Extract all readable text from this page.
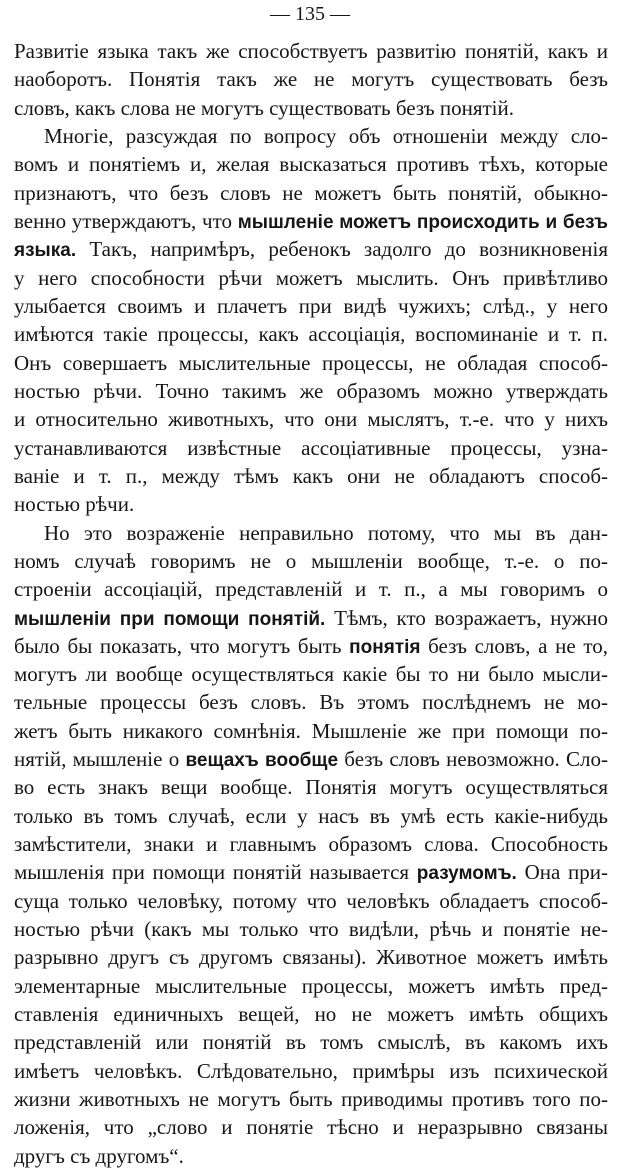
— 135 —
Развитіе языка такъ же способствуетъ развитію понятій, какъ и
наоборотъ. Понятія такъ же не могутъ существовать безъ
словъ, какъ слова не могутъ существовать безъ понятій.
Многіе, разсуждая по вопросу объ отношеніи между сло-
вомъ и понятіемъ и, желая высказаться противъ тѣхъ, которые
признаютъ, что безъ словъ не можетъ быть понятій, обыкно-
венно утверждаютъ, что мышленіе можетъ происходить и безъ
языка. Такъ, напримѣръ, ребенокъ задолго до возникновенія
у него способности рѣчи можетъ мыслить. Онъ привѣтливо
улыбается своимъ и плачетъ при видѣ чужихъ; слѣд., у него
имѣются такіе процессы, какъ ассоціація, воспоминаніе и т. п.
Онъ совершаетъ мыслительные процессы, не обладая способ-
ностью рѣчи. Точно такимъ же образомъ можно утверждать
и относительно животныхъ, что они мыслятъ, т.-е. что у нихъ
устанавливаются извѣстные ассоціативные процессы, узна-
ваніе и т. п., между тѣмъ какъ они не обладаютъ способ-
ностью рѣчи.
Но это возраженіе неправильно потому, что мы въ дан-
номъ случаѣ говоримъ не о мышленіи вообще, т.-е. о по-
строеніи ассоціацій, представленій и т. п., а мы говоримъ о
мышленіи при помощи понятій. Тѣмъ, кто возражаетъ, нужно
было бы показать, что могутъ быть понятія безъ словъ, а не то,
могутъ ли вообще осуществляться какіе бы то ни было мысли-
тельные процессы безъ словъ. Въ этомъ послѣднемъ не мо-
жетъ быть никакого сомнѣнія. Мышленіе же при помощи по-
нятій, мышленіе о вещахъ вообще безъ словъ невозможно. Сло-
во есть знакъ вещи вообще. Понятія могутъ осуществляться
только въ томъ случаѣ, если у насъ въ умѣ есть какіе-нибудь
замѣстители, знаки и главнымъ образомъ слова. Способность
мышленія при помощи понятій называется разумомъ. Она при-
суща только человѣку, потому что человѣкъ обладаетъ способ-
ностью рѣчи (какъ мы только что видѣли, рѣчь и понятіе не-
разрывно другъ съ другомъ связаны). Животное можетъ имѣть
элементарные мыслительные процессы, можетъ имѣть пред-
ставленія единичныхъ вещей, но не можетъ имѣть общихъ
представленій или понятій въ томъ смыслѣ, въ какомъ ихъ
имѣетъ человѣкъ. Слѣдовательно, примѣры изъ психической
жизни животныхъ не могутъ быть приводимы противъ того по-
ложенія, что „слово и понятіе тѣсно и неразрывно связаны
другъ съ другомъ“.
